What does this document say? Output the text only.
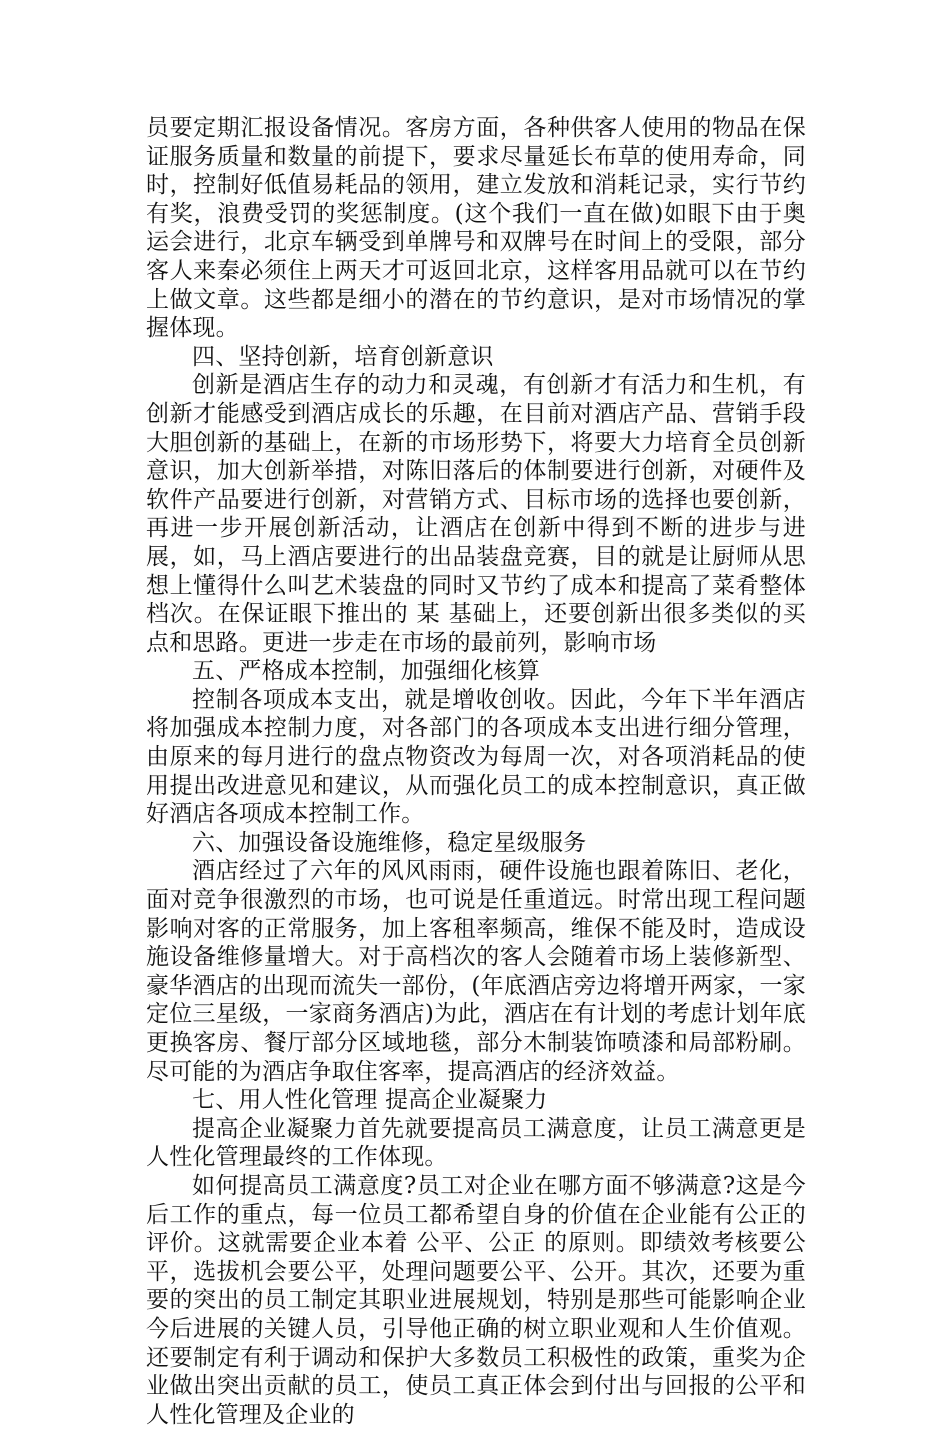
员要定期汇报设备情况。客房方面，各种供客人使用的物品在保证服务质量和数量的前提下，要求尽量延长布草的使用寿命，同时，控制好低值易耗品的领用，建立发放和消耗记录，实行节约有奖，浪费受罚的奖惩制度。(这个我们一直在做)如眼下由于奥运会进行，北京车辆受到单牌号和双牌号在时间上的受限，部分客人来秦必须住上两天才可返回北京，这样客用品就可以在节约上做文章。这些都是细小的潜在的节约意识，是对市场情况的掌握体现。

四、坚持创新，培育创新意识

创新是酒店生存的动力和灵魂，有创新才有活力和生机，有创新才能感受到酒店成长的乐趣，在目前对酒店产品、营销手段大胆创新的基础上，在新的市场形势下，将要大力培育全员创新意识，加大创新举措，对陈旧落后的体制要进行创新，对硬件及软件产品要进行创新，对营销方式、目标市场的选择也要创新，再进一步开展创新活动，让酒店在创新中得到不断的进步与进展，如，马上酒店要进行的出品装盘竞赛，目的就是让厨师从思想上懂得什么叫艺术装盘的同时又节约了成本和提高了菜肴整体档次。在保证眼下推出的 某 基础上，还要创新出很多类似的买点和思路。更进一步走在市场的最前列，影响市场

五、严格成本控制，加强细化核算

控制各项成本支出，就是增收创收。因此，今年下半年酒店将加强成本控制力度，对各部门的各项成本支出进行细分管理，由原来的每月进行的盘点物资改为每周一次，对各项消耗品的使用提出改进意见和建议，从而强化员工的成本控制意识，真正做好酒店各项成本控制工作。

六、加强设备设施维修，稳定星级服务

酒店经过了六年的风风雨雨，硬件设施也跟着陈旧、老化，面对竞争很激烈的市场，也可说是任重道远。时常出现工程问题影响对客的正常服务，加上客租率频高，维保不能及时，造成设施设备维修量增大。对于高档次的客人会随着市场上装修新型、豪华酒店的出现而流失一部份，(年底酒店旁边将增开两家，一家定位三星级，一家商务酒店)为此，酒店在有计划的考虑计划年底更换客房、餐厅部分区域地毯，部分木制装饰喷漆和局部粉刷。尽可能的为酒店争取住客率，提高酒店的经济效益。

七、用人性化管理 提高企业凝聚力

提高企业凝聚力首先就要提高员工满意度，让员工满意更是人性化管理最终的工作体现。

如何提高员工满意度?员工对企业在哪方面不够满意?这是今后工作的重点，每一位员工都希望自身的价值在企业能有公正的评价。这就需要企业本着 公平、公正 的原则。即绩效考核要公平，选拔机会要公平，处理问题要公平、公开。其次，还要为重要的突出的员工制定其职业进展规划，特别是那些可能影响企业今后进展的关键人员，引导他正确的树立职业观和人生价值观。还要制定有利于调动和保护大多数员工积极性的政策，重奖为企业做出突出贡献的员工，使员工真正体会到付出与回报的公平和人性化管理及企业的
